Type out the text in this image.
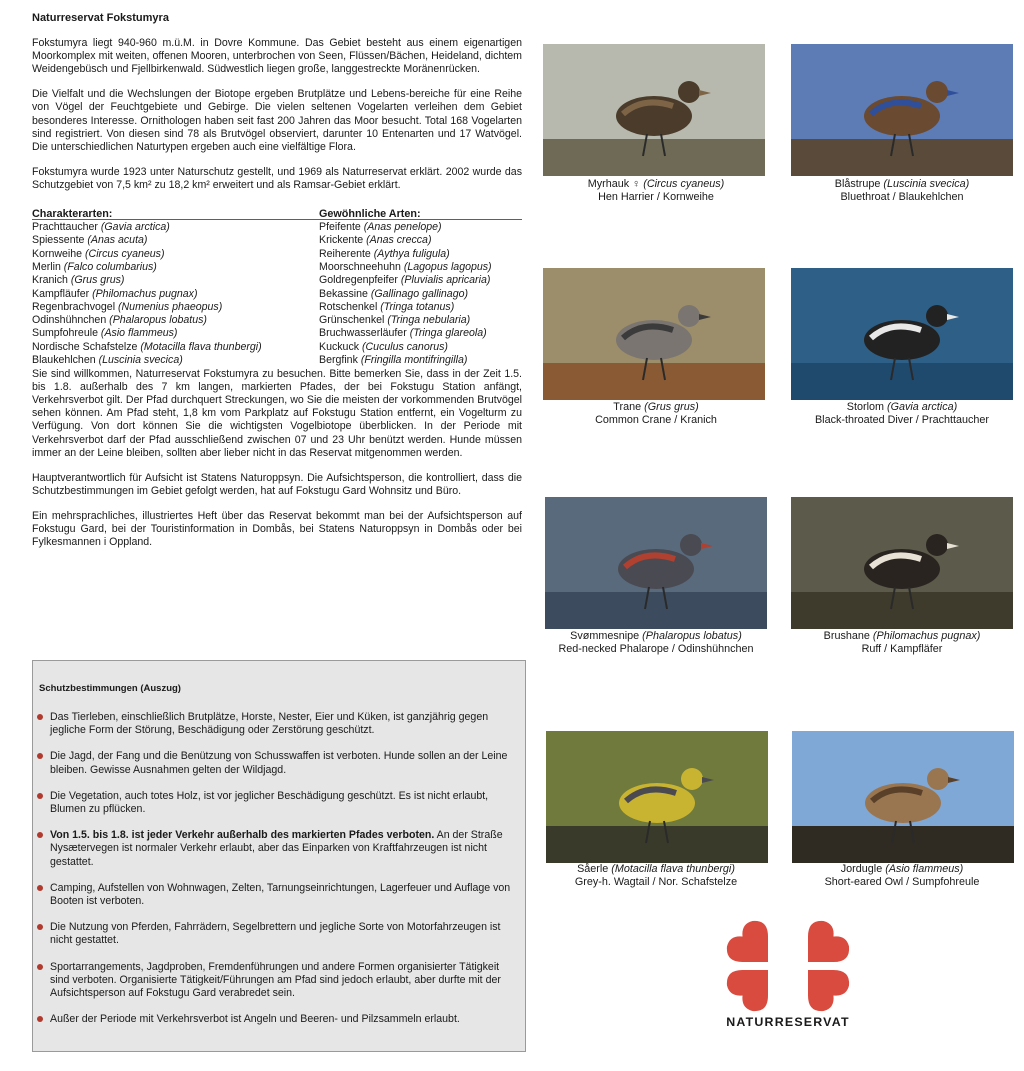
Naturreservat Fokstumyra

Fokstumyra liegt 940-960 m.ü.M. in Dovre Kommune. Das Gebiet besteht aus einem eigenartigen Moorkomplex mit weiten, offenen Mooren, unterbrochen von Seen, Flüssen/Bächen, Heideland, dichtem Weidengebüsch und Fjellbirkenwald. Südwestlich liegen große, langgestreckte Moränenrücken.

Die Vielfalt und die Wechslungen der Biotope ergeben Brutplätze und Lebens-bereiche für eine Reihe von Vögel der Feuchtgebiete und Gebirge. Die vielen seltenen Vogelarten verleihen dem Gebiet besonderes Interesse. Ornithologen haben seit fast 200 Jahren das Moor besucht. Total 168 Vogelarten sind registriert. Von diesen sind 78 als Brutvögel observiert, darunter 10 Entenarten und 17 Watvögel. Die unterschiedlichen Naturtypen ergeben auch eine vielfältige Flora.

Fokstumyra wurde 1923 unter Naturschutz gestellt, und 1969 als Naturreservat erklärt. 2002 wurde das Schutzgebiet von 7,5 km² zu 18,2 km² erweitert und als Ramsar-Gebiet erklärt.

Charakterarten:
Prachttaucher (Gavia arctica)
Spiessente (Anas acuta)
Kornweihe (Circus cyaneus)
Merlin (Falco columbarius)
Kranich (Grus grus)
Kampfläufer (Philomachus pugnax)
Regenbrachvogel (Numenius phaeopus)
Odinshühnchen (Phalaropus lobatus)
Sumpfohreule (Asio flammeus)
Nordische Schafstelze (Motacilla flava thunbergi)
Blaukehlchen (Luscinia svecica)
Gewöhnliche Arten:
Pfeifente (Anas penelope)
Krickente (Anas crecca)
Reiherente (Aythya fuligula)
Moorschneehuhn (Lagopus lagopus)
Goldregenpfeifer (Pluvialis apricaria)
Bekassine (Gallinago gallinago)
Rotschenkel (Tringa totanus)
Grünschenkel (Tringa nebularia)
Bruchwasserläufer (Tringa glareola)
Kuckuck (Cuculus canorus)
Bergfink (Fringilla montifringilla)

Sie sind willkommen, Naturreservat Fokstumyra zu besuchen. Bitte bemerken Sie, dass in der Zeit 1.5. bis 1.8. außerhalb des 7 km langen, markierten Pfades, der bei Fokstugu Station anfängt, Verkehrsverbot gilt. Der Pfad durchquert Streckungen, wo Sie die meisten der vorkommenden Brutvögel sehen können. Am Pfad steht, 1,8 km vom Parkplatz auf Fokstugu Station entfernt, ein Vogelturm zu Verfügung. Von dort können Sie die wichtigsten Vogelbiotope überblicken. In der Periode mit Verkehrsverbot darf der Pfad ausschließend zwischen 07 und 23 Uhr benützt werden. Hunde müssen immer an der Leine bleiben, sollten aber lieber nicht in das Reservat mitgenommen werden.

Hauptverantwortlich für Aufsicht ist Statens Naturoppsyn. Die Aufsichtsperson, die kontrolliert, dass die Schutzbestimmungen im Gebiet gefolgt werden, hat auf Fokstugu Gard Wohnsitz und Büro.

Ein mehrsprachliches, illustriertes Heft über das Reservat bekommt man bei der Aufsichtsperson auf Fokstugu Gard, bei der Touristinformation in Dombås, bei Statens Naturoppsyn in Dombås oder bei Fylkesmannen i Oppland.

Schutzbestimmungen (Auszug)
Das Tierleben, einschließlich Brutplätze, Horste, Nester, Eier und Küken, ist ganzjährig gegen jegliche Form der Störung, Beschädigung oder Zerstörung geschützt.
Die Jagd, der Fang und die Benützung von Schusswaffen ist verboten. Hunde sollen an der Leine bleiben. Gewisse Ausnahmen gelten der Wildjagd.
Die Vegetation, auch totes Holz, ist vor jeglicher Beschädigung geschützt. Es ist nicht erlaubt, Blumen zu pflücken.
Von 1.5. bis 1.8. ist jeder Verkehr außerhalb des markierten Pfades verboten. An der Straße Nysætervegen ist normaler Verkehr erlaubt, aber das Einparken von Kraftfahrzeugen ist nicht gestattet.
Camping, Aufstellen von Wohnwagen, Zelten, Tarnungseinrichtungen, Lagerfeuer und Auflage von Booten ist verboten.
Die Nutzung von Pferden, Fahrrädern, Segelbrettern und jegliche Sorte von Motorfahrzeugen ist nicht gestattet.
Sportarrangements, Jagdproben, Fremdenführungen und andere Formen organisierter Tätigkeit sind verboten. Organisierte Tätigkeit/Führungen am Pfad sind jedoch erlaubt, aber durfte mit der Aufsichtsperson auf Fokstugu Gard verabredet sein.
Außer der Periode mit Verkehrsverbot ist Angeln und Beeren- und Pilzsammeln erlaubt.
Myrhauk ♀ (Circus cyaneus)
Hen Harrier / Kornweihe
Blåstrupe (Luscinia svecica)
Bluethroat / Blaukehlchen
Trane (Grus grus)
Common Crane / Kranich
Storlom (Gavia arctica)
Black-throated Diver / Prachttaucher
Svømmesnipe (Phalaropus lobatus)
Red-necked Phalarope / Odinshühnchen
Brushane (Philomachus pugnax)
Ruff / Kampfläfer
Såerle (Motacilla flava thunbergi)
Grey-h. Wagtail / Nor. Schafstelze
Jordugle (Asio flammeus)
Short-eared Owl / Sumpfohreule
NATURRESERVAT
